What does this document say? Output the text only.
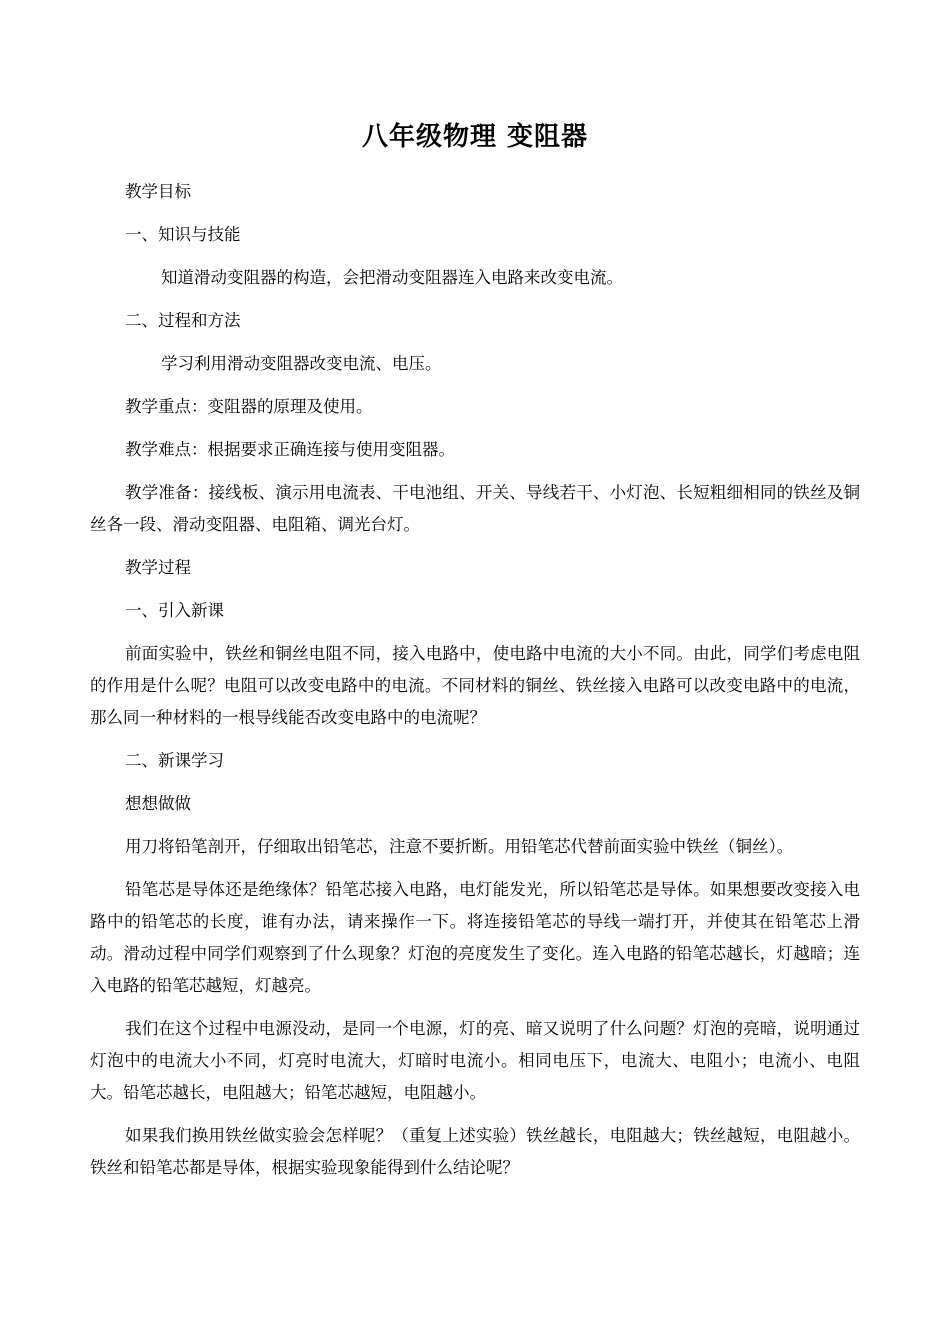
八年级物理 变阻器

教学目标

一、知识与技能

知道滑动变阻器的构造，会把滑动变阻器连入电路来改变电流。

二、过程和方法

学习利用滑动变阻器改变电流、电压。

教学重点：变阻器的原理及使用。

教学难点：根据要求正确连接与使用变阻器。

教学准备：接线板、演示用电流表、干电池组、开关、导线若干、小灯泡、长短粗细相同的铁丝及铜丝各一段、滑动变阻器、电阻箱、调光台灯。

教学过程

一、引入新课

前面实验中，铁丝和铜丝电阻不同，接入电路中，使电路中电流的大小不同。由此，同学们考虑电阻的作用是什么呢？电阻可以改变电路中的电流。不同材料的铜丝、铁丝接入电路可以改变电路中的电流，那么同一种材料的一根导线能否改变电路中的电流呢？

二、新课学习

想想做做

用刀将铅笔剖开，仔细取出铅笔芯，注意不要折断。用铅笔芯代替前面实验中铁丝（铜丝）。

铅笔芯是导体还是绝缘体？铅笔芯接入电路，电灯能发光，所以铅笔芯是导体。如果想要改变接入电路中的铅笔芯的长度，谁有办法，请来操作一下。将连接铅笔芯的导线一端打开，并使其在铅笔芯上滑动。滑动过程中同学们观察到了什么现象？灯泡的亮度发生了变化。连入电路的铅笔芯越长，灯越暗；连入电路的铅笔芯越短，灯越亮。

我们在这个过程中电源没动，是同一个电源，灯的亮、暗又说明了什么问题？灯泡的亮暗，说明通过灯泡中的电流大小不同，灯亮时电流大，灯暗时电流小。相同电压下，电流大、电阻小；电流小、电阻大。铅笔芯越长，电阻越大；铅笔芯越短，电阻越小。

如果我们换用铁丝做实验会怎样呢？（重复上述实验）铁丝越长，电阻越大；铁丝越短，电阻越小。铁丝和铅笔芯都是导体，根据实验现象能得到什么结论呢？
